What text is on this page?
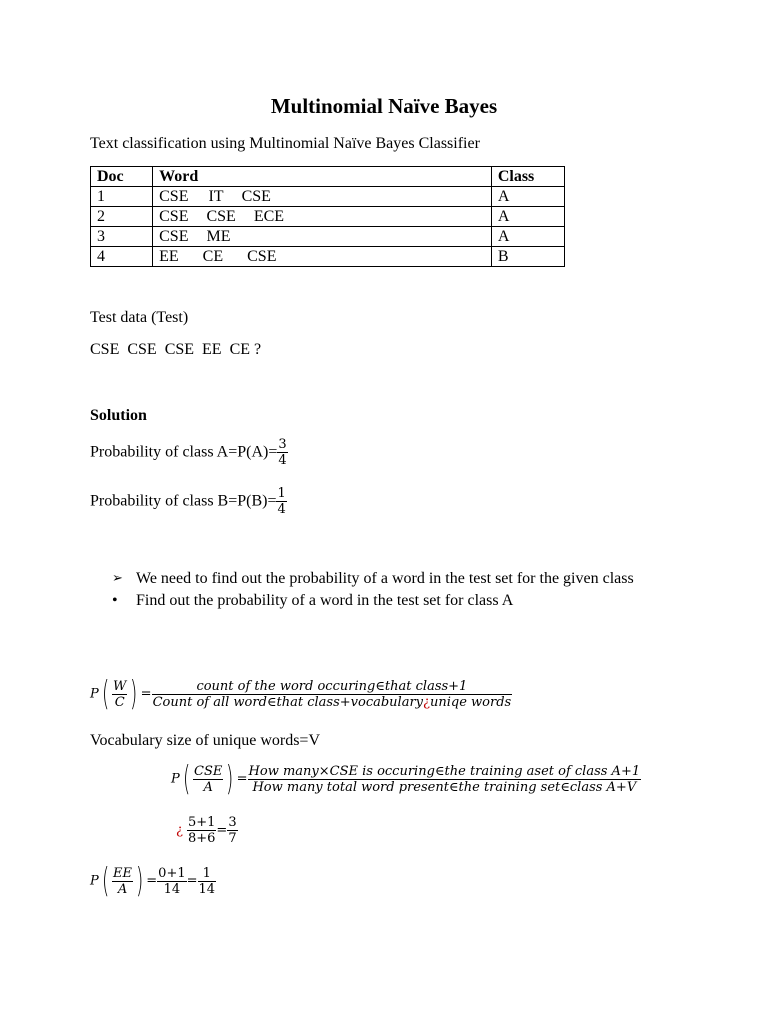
Multinomial Naïve Bayes
Text classification using Multinomial Naïve Bayes Classifier
Doc	Word	Class
1	CSE IT CSE	A
2	CSE CSE ECE	A
3	CSE ME	A
4	EE CE CSE	B
Test data (Test)
CSE  CSE  CSE  EE  CE ?
Solution
Probability of class $A=P(A)= \frac{3}{4}$
Probability of class $B=P(B)= \frac{1}{4}$
➢ We need to find out the probability of a word in the test set for the given class
• Find out the probability of a word in the test set for class A
$P( \frac{W}{C}$ ) = $\frac{\text{count of the word occuring∈that class+1}}{\text{Count of all word∈that class+vocabulary¿uniqe words}}$
Vocabulary size of unique words=V
$P( \frac{\text{CSE}}{A}$ ) = $\frac{\text{How many×CSE is occuring∈the training aset of class A+1}}{\text{How many total word present∈the training set∈class A+V}}$
¿ $\frac{5+1}{8+6} = \frac{3}{7}$
$P( \frac{EE}{A}$ ) = $\frac{0+1}{14} = \frac{1}{14}$
